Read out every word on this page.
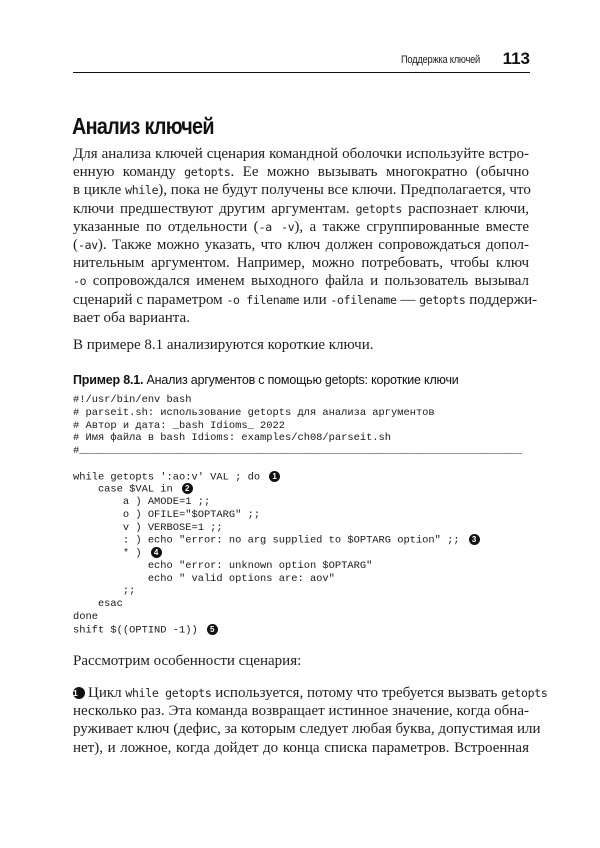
Поддержка ключей 113
Анализ ключей
Для анализа ключей сценария командной оболочки используйте встро-
енную команду getopts. Ее можно вызывать многократно (обычно
в цикле while), пока не будут получены все ключи. Предполагается, что
ключи предшествуют другим аргументам. getopts распознает ключи,
указанные по отдельности (-a -v), а также сгруппированные вместе
(-av). Также можно указать, что ключ должен сопровождаться допол-
нительным аргументом. Например, можно потребовать, чтобы ключ
-o сопровождался именем выходного файла и пользователь вызывал
сценарий с параметром -o filename или -ofilename — getopts поддержи-
вает оба варианта.
В примере 8.1 анализируются короткие ключи.
Пример 8.1. Анализ аргументов с помощью getopts: короткие ключи
#!/usr/bin/env bash
# parseit.sh: использование getopts для анализа аргументов
# Автор и дата: _bash Idioms_ 2022
# Имя файла в bash Idioms: examples/ch08/parseit.sh
#_______________________________________________________________________
while getopts ':ao:v' VAL ; do 1
case $VAL in 2
a ) AMODE=1 ;;
o ) OFILE="$OPTARG" ;;
v ) VERBOSE=1 ;;
: ) echo "error: no arg supplied to $OPTARG option" ;; 3
* ) 4
echo "error: unknown option $OPTARG"
echo " valid options are: aov"
;;
esac
done
shift $((OPTIND -1)) 5
Рассмотрим особенности сценария:
1 Цикл while getopts используется, потому что требуется вызвать getopts
несколько раз. Эта команда возвращает истинное значение, когда обна-
руживает ключ (дефис, за которым следует любая буква, допустимая или
нет), и ложное, когда дойдет до конца списка параметров. Встроенная
